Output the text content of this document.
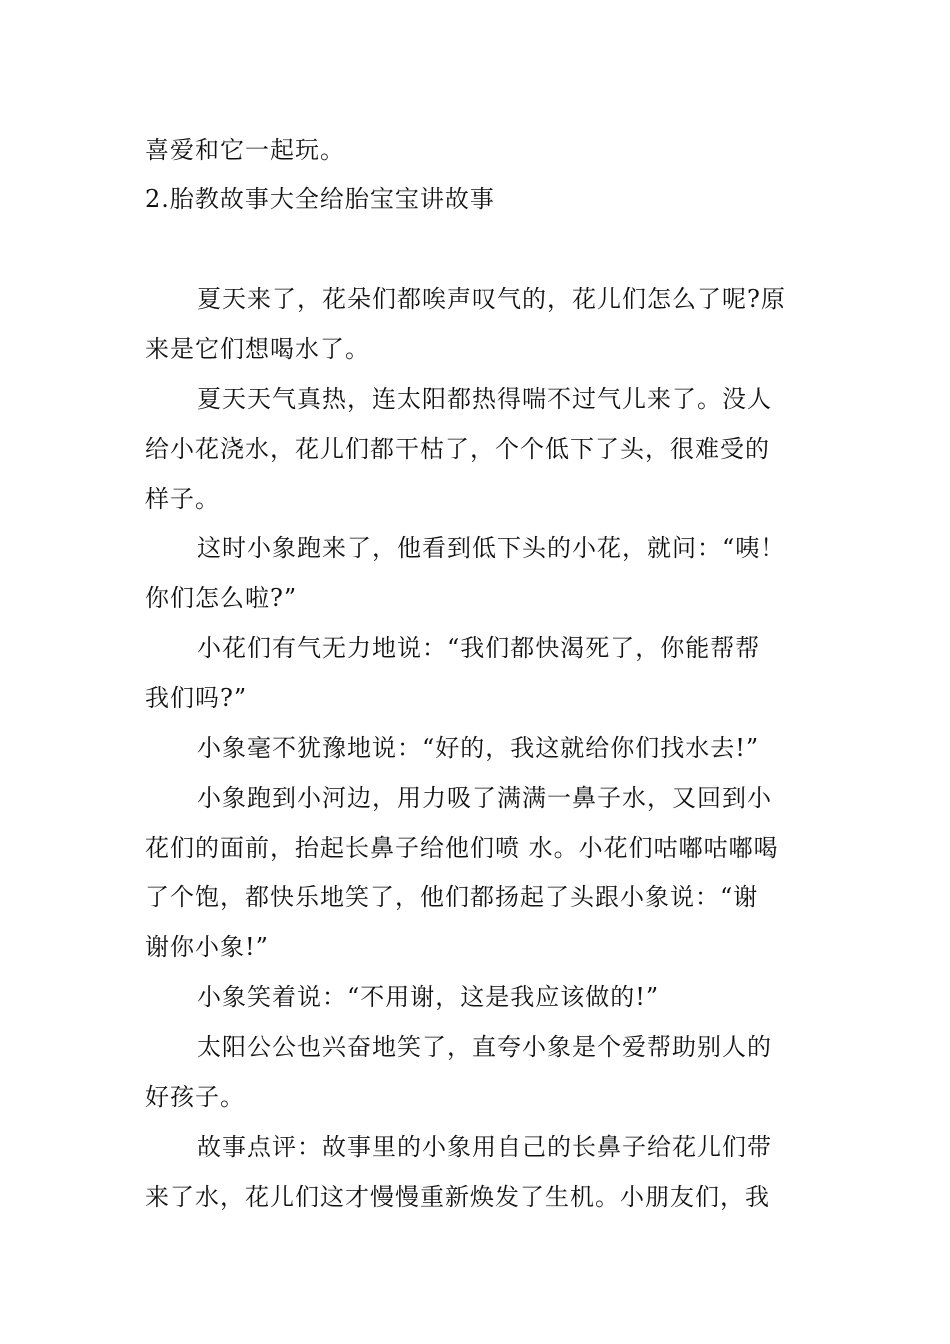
喜爱和它一起玩。
2.胎教故事大全给胎宝宝讲故事
夏天来了，花朵们都唉声叹气的，花儿们怎么了呢?原
来是它们想喝水了。
夏天天气真热，连太阳都热得喘不过气儿来了。没人
给小花浇水，花儿们都干枯了，个个低下了头，很难受的
样子。
这时小象跑来了，他看到低下头的小花，就问：“咦！
你们怎么啦?”
小花们有气无力地说：“我们都快渴死了，你能帮帮
我们吗?”
小象毫不犹豫地说：“好的，我这就给你们找水去!”
小象跑到小河边，用力吸了满满一鼻子水，又回到小
花们的面前，抬起长鼻子给他们喷 水。小花们咕嘟咕嘟喝
了个饱，都快乐地笑了，他们都扬起了头跟小象说：“谢
谢你小象!”
小象笑着说：“不用谢，这是我应该做的!”
太阳公公也兴奋地笑了，直夸小象是个爱帮助别人的
好孩子。
故事点评：故事里的小象用自己的长鼻子给花儿们带
来了水，花儿们这才慢慢重新焕发了生机。小朋友们，我
